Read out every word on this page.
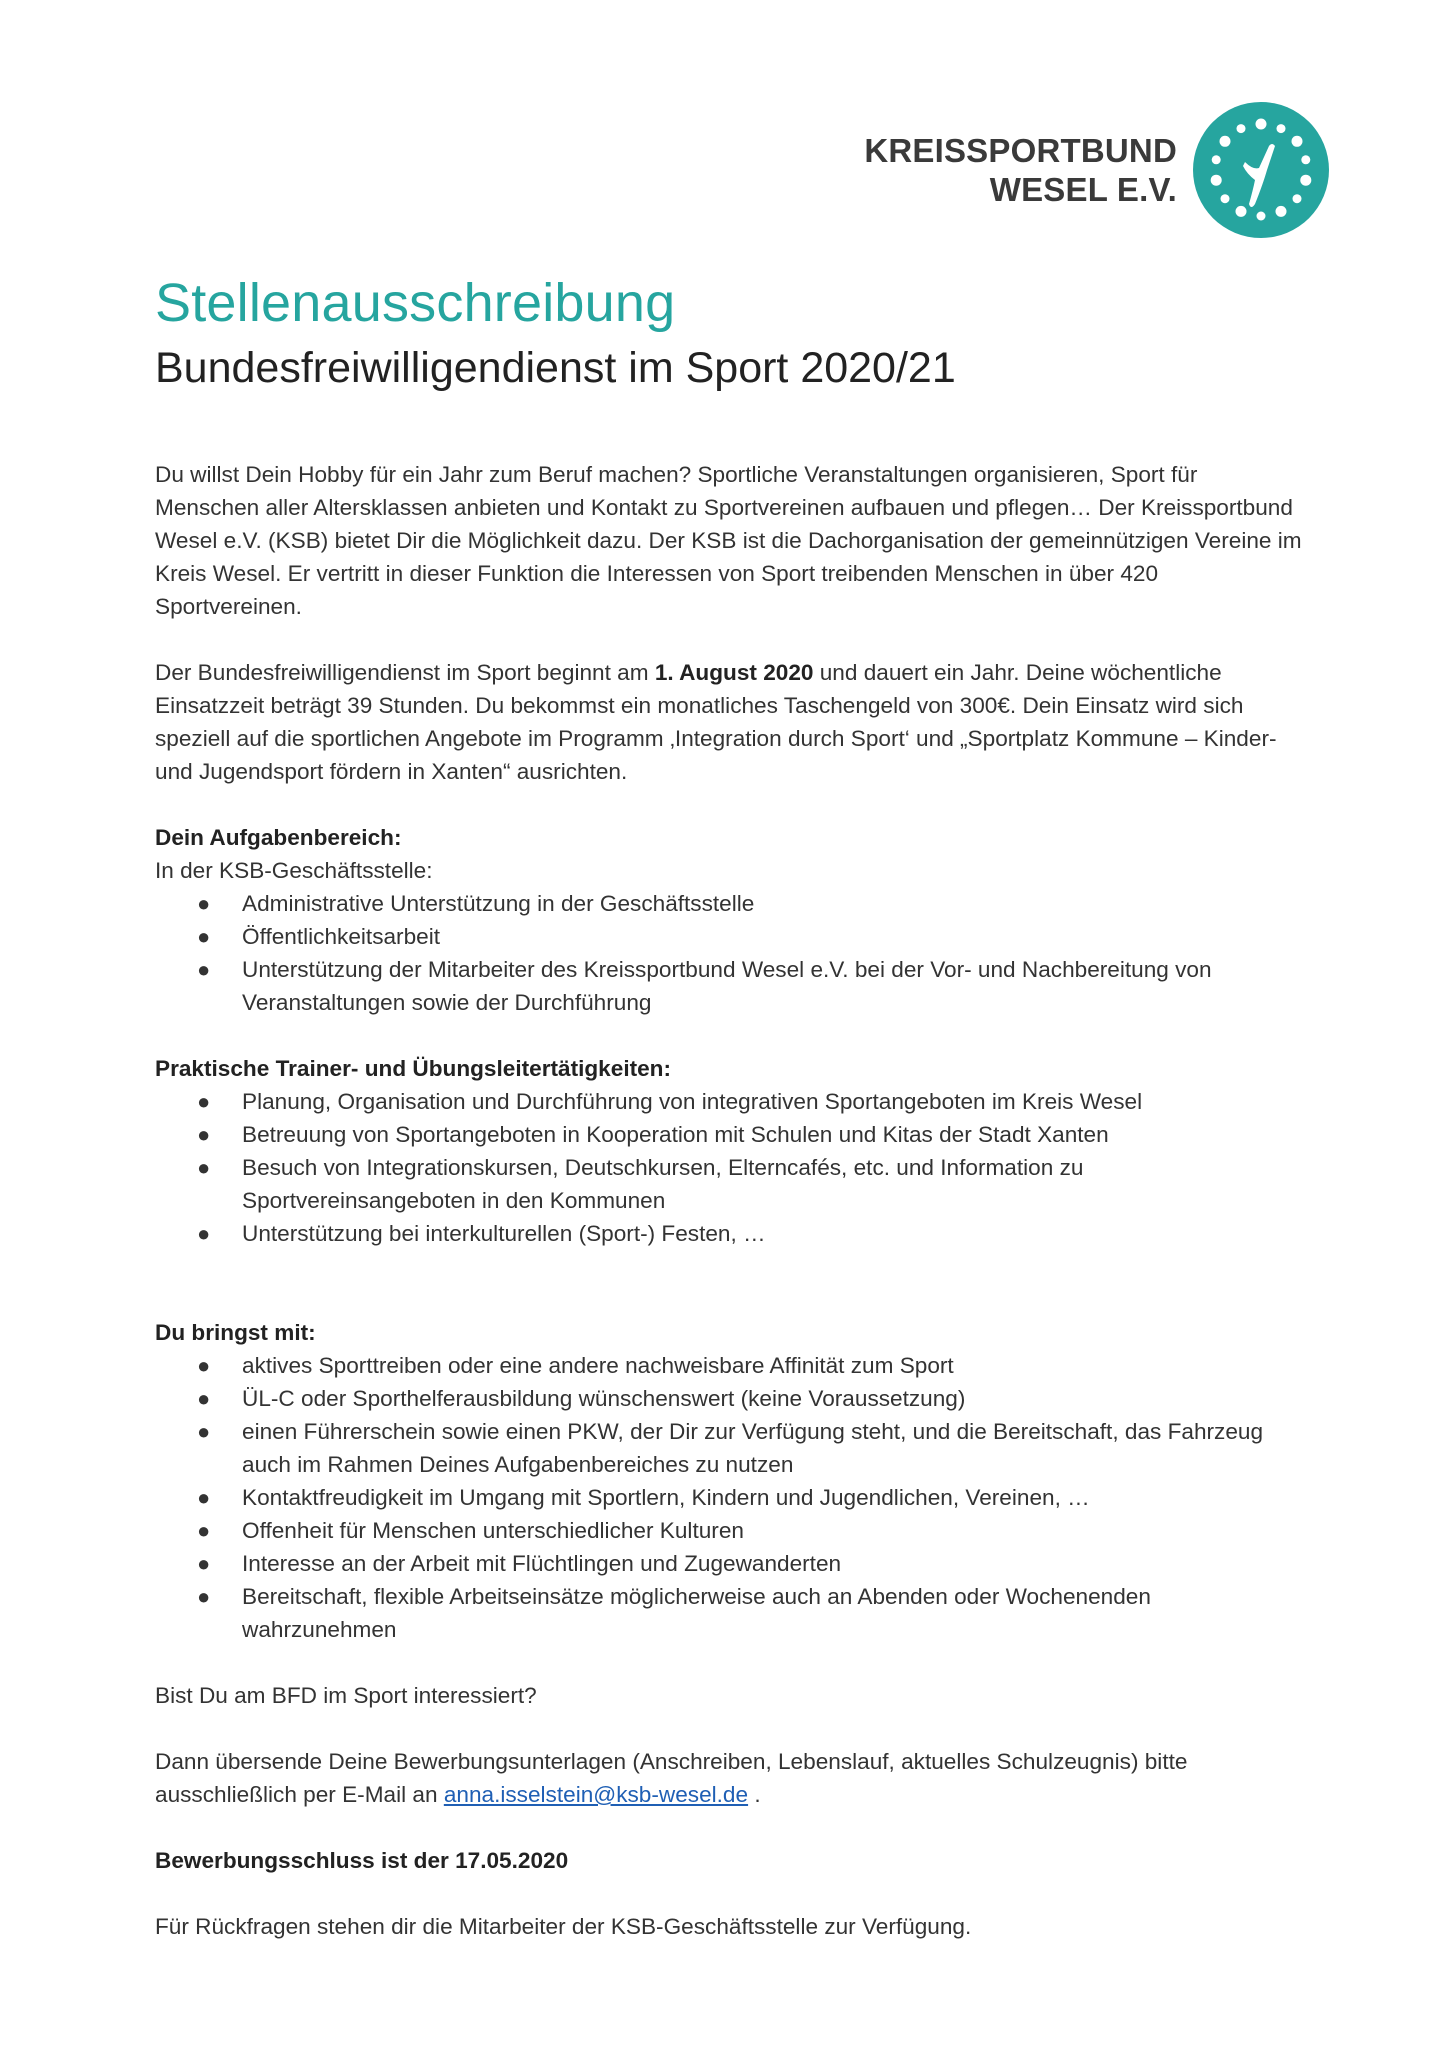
KREISSPORTBUND
WESEL E.V.
Stellenausschreibung
Bundesfreiwilligendienst im Sport 2020/21

Du willst Dein Hobby für ein Jahr zum Beruf machen? Sportliche Veranstaltungen organisieren, Sport für Menschen aller Altersklassen anbieten und Kontakt zu Sportvereinen aufbauen und pflegen… Der Kreissportbund Wesel e.V. (KSB) bietet Dir die Möglichkeit dazu. Der KSB ist die Dachorganisation der gemeinnützigen Vereine im Kreis Wesel. Er vertritt in dieser Funktion die Interessen von Sport treibenden Menschen in über 420 Sportvereinen.

Der Bundesfreiwilligendienst im Sport beginnt am 1. August 2020 und dauert ein Jahr. Deine wöchentliche Einsatzzeit beträgt 39 Stunden. Du bekommst ein monatliches Taschengeld von 300€. Dein Einsatz wird sich speziell auf die sportlichen Angebote im Programm ‚Integration durch Sport‘ und „Sportplatz Kommune – Kinder- und Jugendsport fördern in Xanten“ ausrichten.

Dein Aufgabenbereich:

In der KSB-Geschäftsstelle:

● Administrative Unterstützung in der Geschäftsstelle
● Öffentlichkeitsarbeit
● Unterstützung der Mitarbeiter des Kreissportbund Wesel e.V. bei der Vor- und Nachbereitung von Veranstaltungen sowie der Durchführung

Praktische Trainer- und Übungsleitertätigkeiten:

● Planung, Organisation und Durchführung von integrativen Sportangeboten im Kreis Wesel
● Betreuung von Sportangeboten in Kooperation mit Schulen und Kitas der Stadt Xanten
● Besuch von Integrationskursen, Deutschkursen, Elterncafés, etc. und Information zu Sportvereinsangeboten in den Kommunen
● Unterstützung bei interkulturellen (Sport-) Festen, …

Du bringst mit:

● aktives Sporttreiben oder eine andere nachweisbare Affinität zum Sport
● ÜL-C oder Sporthelferausbildung wünschenswert (keine Voraussetzung)
● einen Führerschein sowie einen PKW, der Dir zur Verfügung steht, und die Bereitschaft, das Fahrzeug auch im Rahmen Deines Aufgabenbereiches zu nutzen
● Kontaktfreudigkeit im Umgang mit Sportlern, Kindern und Jugendlichen, Vereinen, …
● Offenheit für Menschen unterschiedlicher Kulturen
● Interesse an der Arbeit mit Flüchtlingen und Zugewanderten
● Bereitschaft, flexible Arbeitseinsätze möglicherweise auch an Abenden oder Wochenenden wahrzunehmen

Bist Du am BFD im Sport interessiert?

Dann übersende Deine Bewerbungsunterlagen (Anschreiben, Lebenslauf, aktuelles Schulzeugnis) bitte ausschließlich per E-Mail an anna.isselstein@ksb-wesel.de .

Bewerbungsschluss ist der 17.05.2020

Für Rückfragen stehen dir die Mitarbeiter der KSB-Geschäftsstelle zur Verfügung.
